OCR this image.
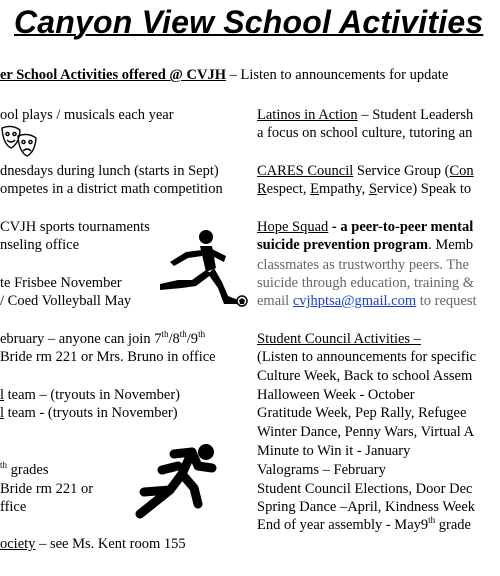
Canyon View School Activities
er School Activities offered @ CVJH – Listen to announcements for update
ool plays / musicals each year
dnesdays during lunch (starts in Sept)
ompetes in a district math competition
CVJH sports tournaments
nseling office
te Frisbee November
/ Coed Volleyball May
ebruary – anyone can join 7th/8th/9th
Bride rm 221 or Mrs. Bruno in office
l team – (tryouts in November)
l team - (tryouts in November)
$^{th}$ grades
Bride rm 221 or
ffice
ociety – see Ms. Kent room 155
Latinos in Action – Student Leadersh
a focus on school culture, tutoring an
CARES Council Service Group (Con
Respect, Empathy, Service) Speak to
Hope Squad - a peer-to-peer mental
suicide prevention program. Memb
classmates as trustworthy peers. The
suicide through education, training &
email cvjhptsa@gmail.com to request
Student Council Activities –
(Listen to announcements for specific
Culture Week, Back to school Assem
Halloween Week - October
Gratitude Week, Pep Rally, Refugee
Winter Dance, Penny Wars, Virtual A
Minute to Win it - January
Valograms – February
Student Council Elections, Door Dec
Spring Dance –April, Kindness Week
End of year assembly - May9th grade
